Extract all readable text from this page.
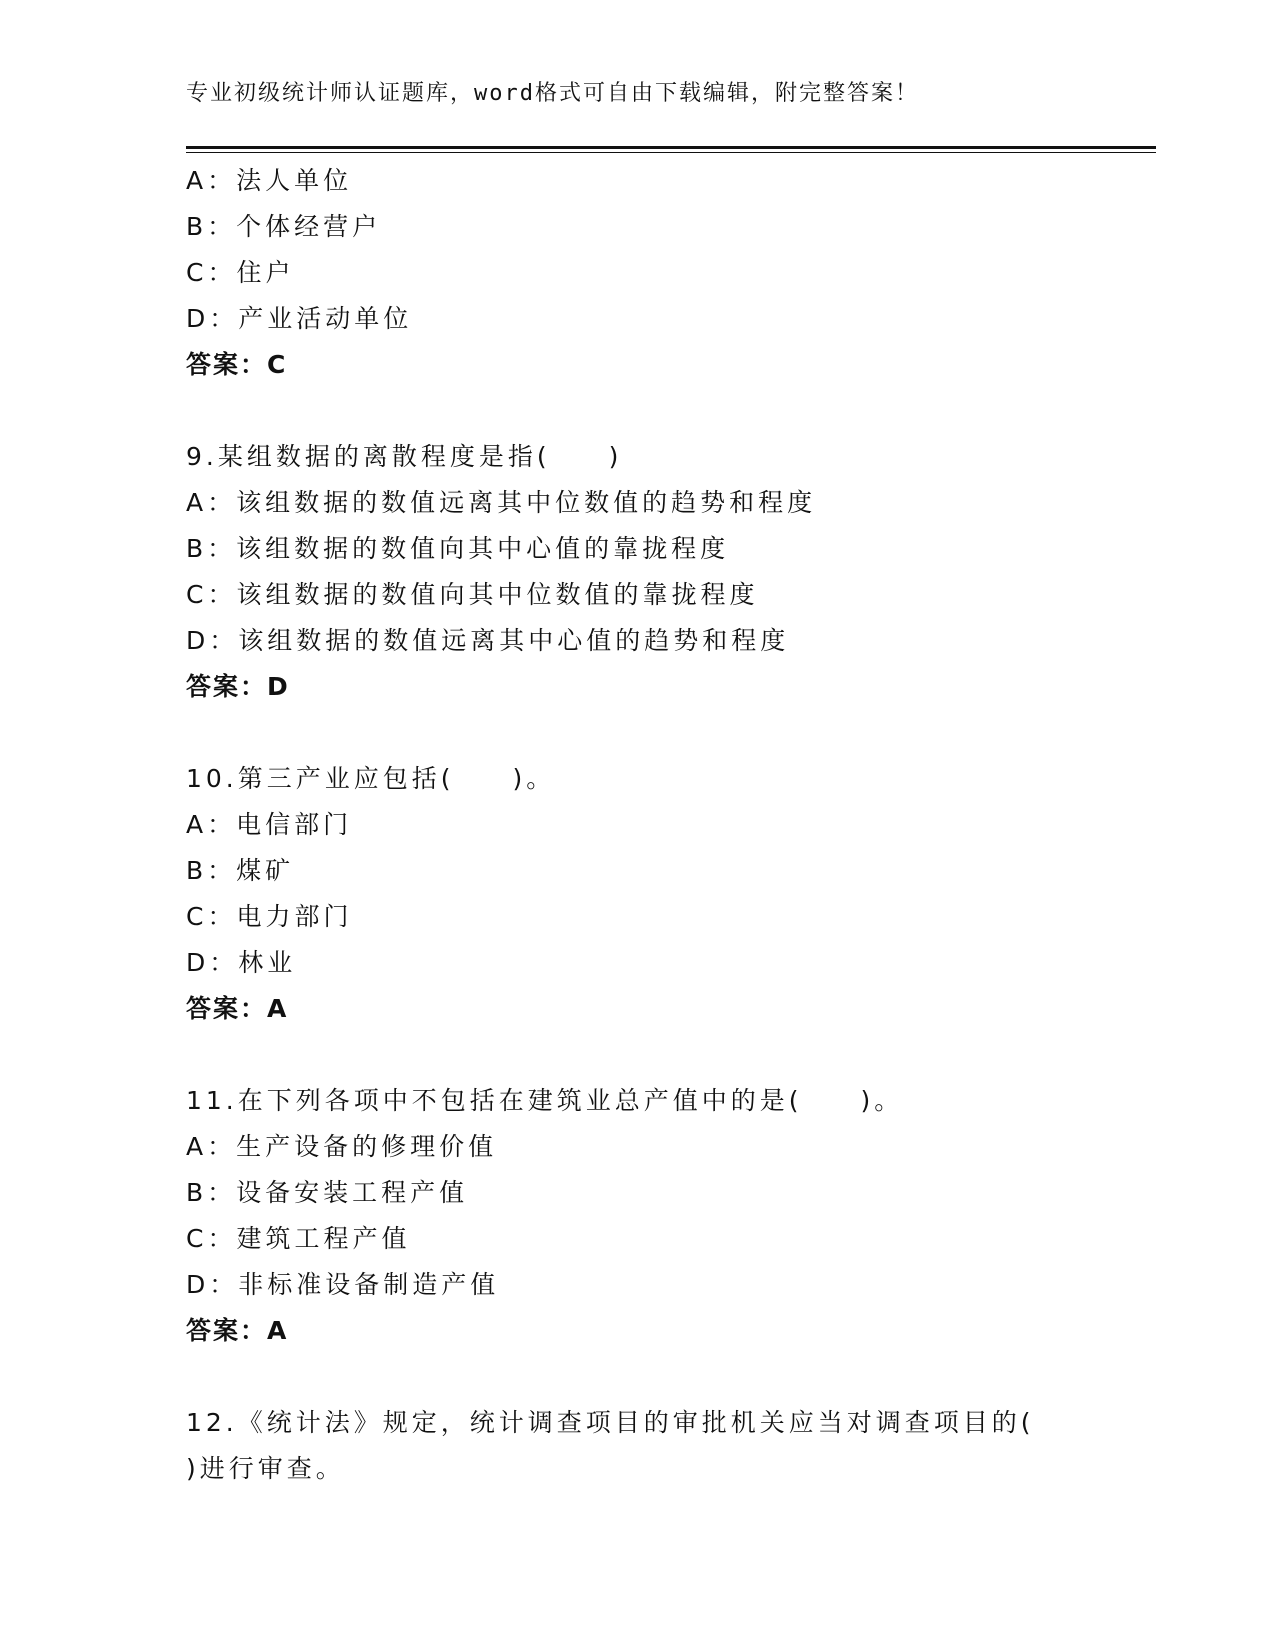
专业初级统计师认证题库，word格式可自由下载编辑，附完整答案！
A：法人单位
B：个体经营户
C：住户
D：产业活动单位
答案：C
9.某组数据的离散程度是指(　　)
A：该组数据的数值远离其中位数值的趋势和程度
B：该组数据的数值向其中心值的靠拢程度
C：该组数据的数值向其中位数值的靠拢程度
D：该组数据的数值远离其中心值的趋势和程度
答案：D
10.第三产业应包括(　　)。
A：电信部门
B：煤矿
C：电力部门
D：林业
答案：A
11.在下列各项中不包括在建筑业总产值中的是(　　)。
A：生产设备的修理价值
B：设备安装工程产值
C：建筑工程产值
D：非标准设备制造产值
答案：A
12.《统计法》规定，统计调查项目的审批机关应当对调查项目的(
)进行审查。
